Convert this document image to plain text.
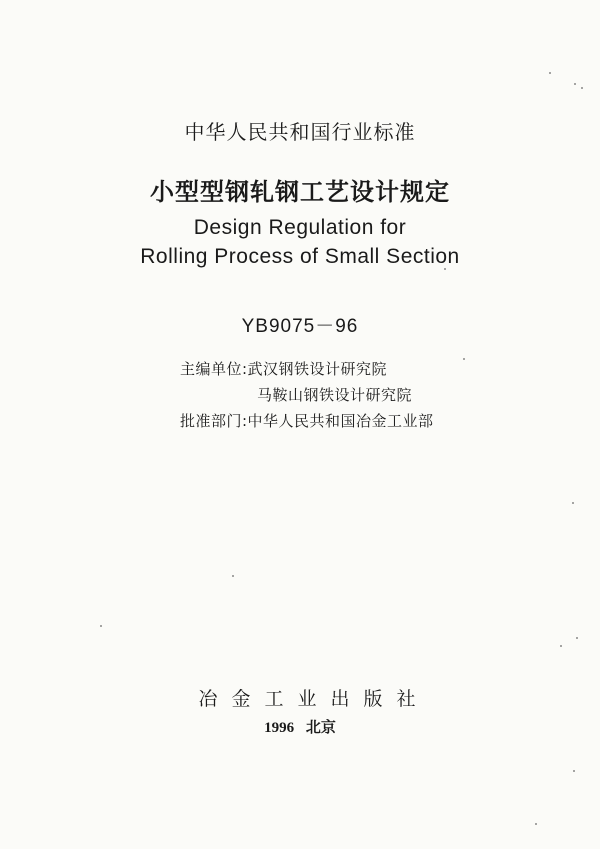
中华人民共和国行业标准
小型型钢轧钢工艺设计规定
Design Regulation for
Rolling Process of Small Section
YB9075－96
主编单位:武汉钢铁设计研究院
马鞍山钢铁设计研究院
批准部门:中华人民共和国冶金工业部
冶金工业出版社
1996 北京
